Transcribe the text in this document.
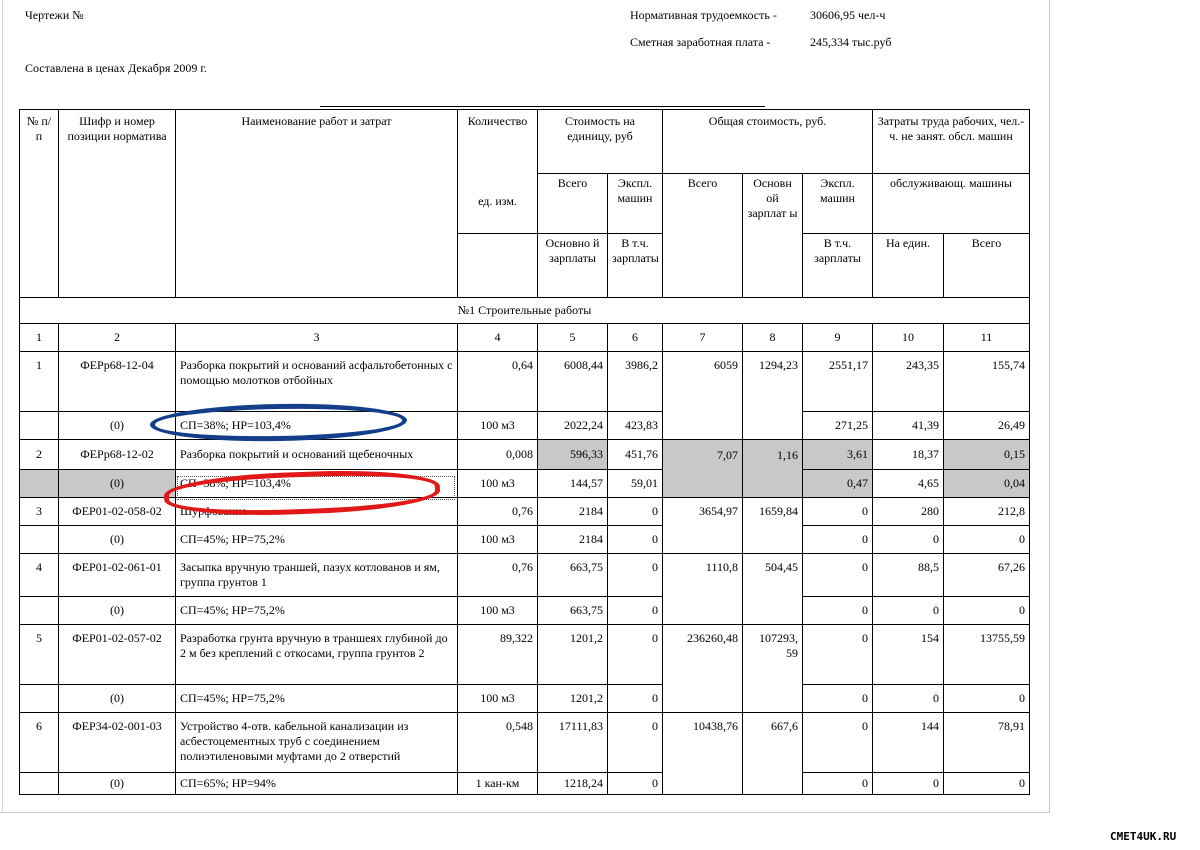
Чертежи №	Нормативная трудоемкость -	30606,95 чел-ч
Сметная заработная плата -	245,334 тыс.руб
Составлена в ценах Декабря 2009 г.
№ п/п	Шифр и номер позиции норматива	Наименование работ и затрат	Количество	Стоимость на единицу, руб		Общая стоимость, руб.			Затраты труда рабочих, чел.-ч. не занят. обсл. машин	
				Всего	Экспл. машин	Всего	Основн ой зарплат ы	Экспл. машин	обслуживающ. машины	
			ед. изм.	Основно й зарплаты	В т.ч. зарплаты			В т.ч. зарплаты	На един.	Всего
№1 Строительные работы										
1	2	3	4	5	6	7	8	9	10	11
1	ФЕРр68-12-04	Разборка покрытий и оснований асфальтобетонных с помощью молотков отбойных	0,64	6008,44	3986,2	6059	1294,23	2551,17	243,35	155,74
	(0)	СП=38%; НР=103,4%	100 м3	2022,24	423,83			271,25	41,39	26,49
2	ФЕРр68-12-02	Разборка покрытий и оснований щебеночных	0,008	596,33	451,76	7,07	1,16	3,61	18,37	0,15
	(0)	СП=38%; НР=103,4%	100 м3	144,57	59,01			0,47	4,65	0,04
3	ФЕР01-02-058-02	Шурфование	0,76	2184	0	3654,97	1659,84	0	280	212,8
	(0)	СП=45%; НР=75,2%	100 м3	2184	0			0	0	0
4	ФЕР01-02-061-01	Засыпка вручную траншей, пазух котлованов и ям, группа грунтов 1	0,76	663,75	0	1110,8	504,45	0	88,5	67,26
	(0)	СП=45%; НР=75,2%	100 м3	663,75	0			0	0	0
5	ФЕР01-02-057-02	Разработка грунта вручную в траншеях глубиной до 2 м без креплений с откосами, группа грунтов 2	89,322	1201,2	0	236260,48	107293, 59	0	154	13755,59
	(0)	СП=45%; НР=75,2%	100 м3	1201,2	0			0	0	0
6	ФЕР34-02-001-03	Устройство 4-отв. кабельной канализации из асбестоцементных труб с соединением полиэтиленовыми муфтами до 2 отверстий	0,548	17111,83	0	10438,76	667,6	0	144	78,91
	(0)	СП=65%; НР=94%	1 кан-км	1218,24	0			0	0	0
СМЕТ4UK.RU
